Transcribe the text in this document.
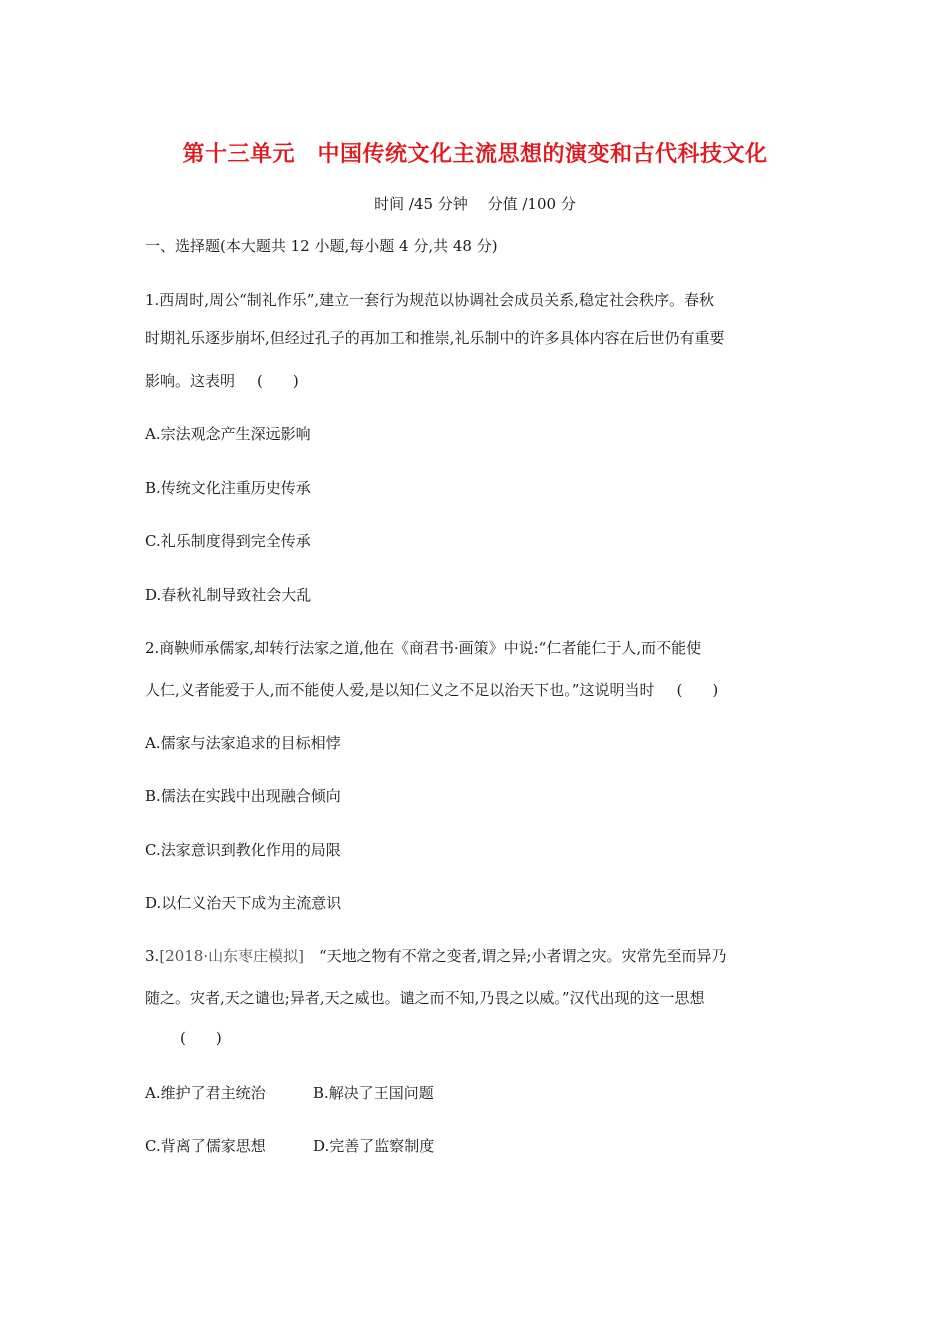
第十三单元　中国传统文化主流思想的演变和古代科技文化
时间 /45 分钟　 分值 /100 分
一、选择题(本大题共 12 小题,每小题 4 分,共 48 分)
1.西周时,周公“制礼作乐”,建立一套行为规范以协调社会成员关系,稳定社会秩序。春秋
时期礼乐逐步崩坏,但经过孔子的再加工和推崇,礼乐制中的许多具体内容在后世仍有重要
影响。这表明 (　　)
A.宗法观念产生深远影响
B.传统文化注重历史传承
C.礼乐制度得到完全传承
D.春秋礼制导致社会大乱
2.商鞅师承儒家,却转行法家之道,他在《商君书·画策》中说:“仁者能仁于人,而不能使
人仁,义者能爱于人,而不能使人爱,是以知仁义之不足以治天下也。”这说明当时 (　　)
A.儒家与法家追求的目标相悖
B.儒法在实践中出现融合倾向
C.法家意识到教化作用的局限
D.以仁义治天下成为主流意识
3.[2018·山东枣庄模拟]　 “天地之物有不常之变者,谓之异;小者谓之灾。灾常先至而异乃
随之。灾者,天之谴也;异者,天之威也。谴之而不知,乃畏之以威。”汉代出现的这一思想
(　　)
A.维护了君主统治	B.解决了王国问题
C.背离了儒家思想	D.完善了监察制度
